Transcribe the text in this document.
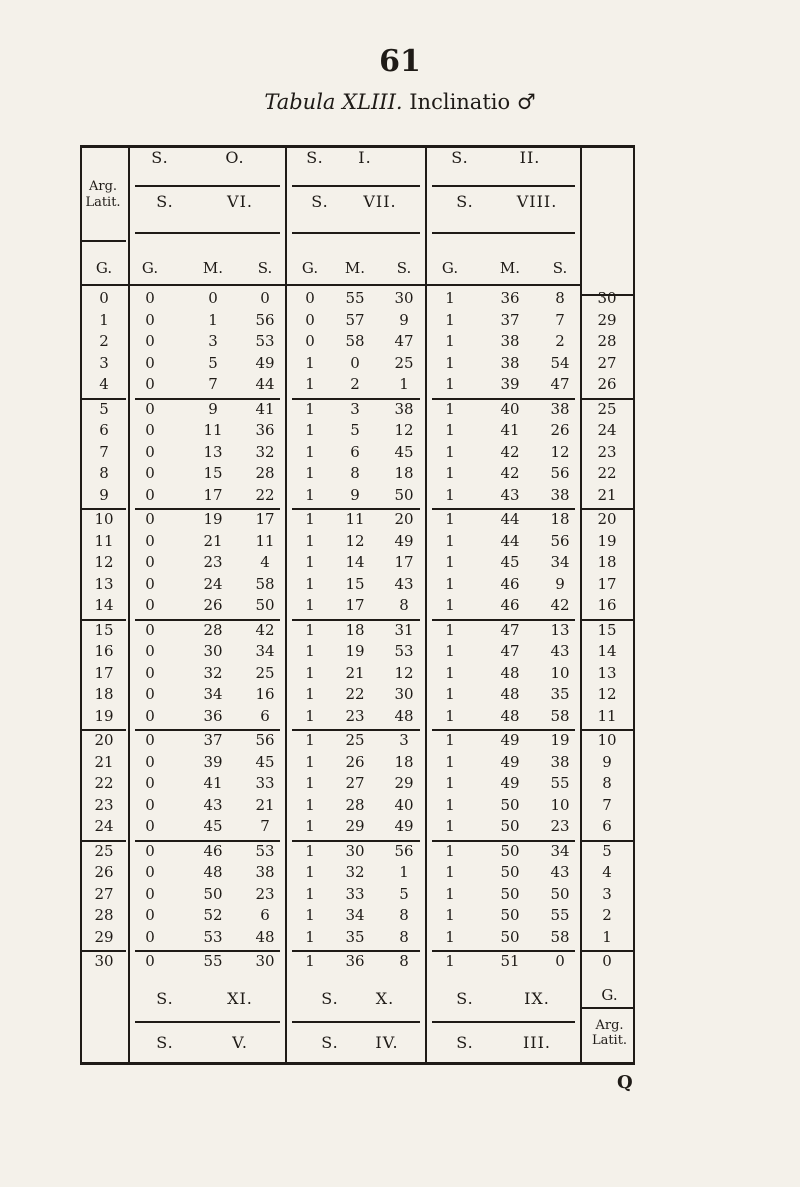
61
Tabula XLIII. Inclinatio ♂
S.	O.	S.	I.	S.	II.
S.	VI.	S.	VII.	S.	VIII.
Arg.
Latit.
G.	G.	M.	S.	G.	M.	S.	G.	M.	S.
0	0	0	0	0	55	30	1	36	8	30
1	0	1	56	0	57	9	1	37	7	29
2	0	3	53	0	58	47	1	38	2	28
3	0	5	49	1	0	25	1	38	54	27
4	0	7	44	1	2	1	1	39	47	26
5	0	9	41	1	3	38	1	40	38	25
6	0	11	36	1	5	12	1	41	26	24
7	0	13	32	1	6	45	1	42	12	23
8	0	15	28	1	8	18	1	42	56	22
9	0	17	22	1	9	50	1	43	38	21
10	0	19	17	1	11	20	1	44	18	20
11	0	21	11	1	12	49	1	44	56	19
12	0	23	4	1	14	17	1	45	34	18
13	0	24	58	1	15	43	1	46	9	17
14	0	26	50	1	17	8	1	46	42	16
15	0	28	42	1	18	31	1	47	13	15
16	0	30	34	1	19	53	1	47	43	14
17	0	32	25	1	21	12	1	48	10	13
18	0	34	16	1	22	30	1	48	35	12
19	0	36	6	1	23	48	1	48	58	11
20	0	37	56	1	25	3	1	49	19	10
21	0	39	45	1	26	18	1	49	38	9
22	0	41	33	1	27	29	1	49	55	8
23	0	43	21	1	28	40	1	50	10	7
24	0	45	7	1	29	49	1	50	23	6
25	0	46	53	1	30	56	1	50	34	5
26	0	48	38	1	32	1	1	50	43	4
27	0	50	23	1	33	5	1	50	50	3
28	0	52	6	1	34	8	1	50	55	2
29	0	53	48	1	35	8	1	50	58	1
30	0	55	30	1	36	8	1	51	0	0
S.	XI.	S.	X.	S.	IX.	G.
S.	V.	S.	IV.	S.	III.
Arg.
Latit.
Q
